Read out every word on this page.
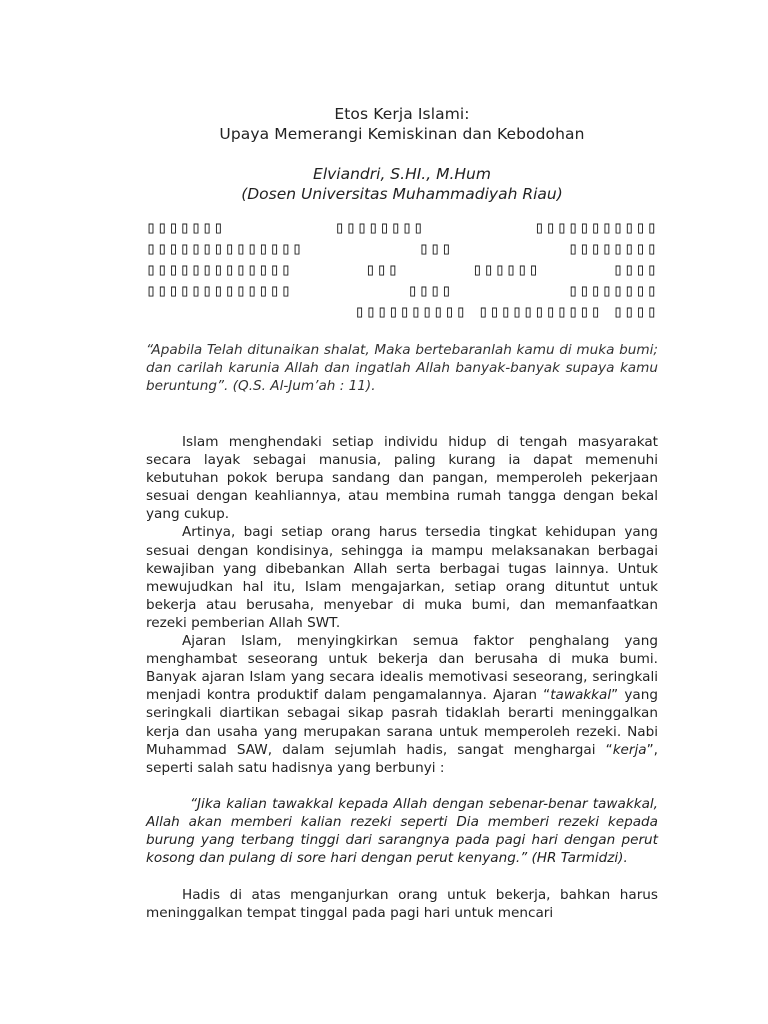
Etos Kerja Islami:
Upaya Memerangi Kemiskinan dan Kebodohan
Elviandri, S.HI., M.Hum
(Dosen Universitas Muhammadiyah Riau)
▯▯▯▯▯▯▯ ▯▯▯▯▯▯▯▯ ▯▯▯▯▯▯▯▯▯▯▯
▯▯▯▯▯▯▯▯▯▯▯▯▯▯ ▯▯▯ ▯▯▯▯▯▯▯▯
▯▯▯▯▯▯▯▯▯▯▯▯▯ ▯▯▯ ▯▯▯▯▯▯ ▯▯▯▯
▯▯▯▯▯▯▯▯▯▯▯▯▯ ▯▯▯▯ ▯▯▯▯▯▯▯▯
▯▯▯▯▯▯▯▯▯▯ ▯▯▯▯▯▯▯▯▯▯▯ ▯▯▯▯
“Apabila Telah ditunaikan shalat, Maka bertebaranlah kamu di muka bumi; dan carilah karunia Allah dan ingatlah Allah banyak-banyak supaya kamu beruntung”. (Q.S. Al-Jum’ah : 11).

Islam menghendaki setiap individu hidup di tengah masyarakat secara layak sebagai manusia, paling kurang ia dapat memenuhi kebutuhan pokok berupa sandang dan pangan, memperoleh pekerjaan sesuai dengan keahliannya, atau membina rumah tangga dengan bekal yang cukup.

Artinya, bagi setiap orang harus tersedia tingkat kehidupan yang sesuai dengan kondisinya, sehingga ia mampu melaksanakan berbagai kewajiban yang dibebankan Allah serta berbagai tugas lainnya. Untuk mewujudkan hal itu, Islam mengajarkan, setiap orang dituntut untuk bekerja atau berusaha, menyebar di muka bumi, dan memanfaatkan rezeki pemberian Allah SWT.

Ajaran Islam, menyingkirkan semua faktor penghalang yang menghambat seseorang untuk bekerja dan berusaha di muka bumi. Banyak ajaran Islam yang secara idealis memotivasi seseorang, seringkali menjadi kontra produktif dalam pengamalannya. Ajaran “tawakkal” yang seringkali diartikan sebagai sikap pasrah tidaklah berarti meninggalkan kerja dan usaha yang merupakan sarana untuk memperoleh rezeki. Nabi Muhammad SAW, dalam sejumlah hadis, sangat menghargai “kerja”, seperti salah satu hadisnya yang berbunyi :

“Jika kalian tawakkal kepada Allah dengan sebenar-benar tawakkal, Allah akan memberi kalian rezeki seperti Dia memberi rezeki kepada burung yang terbang tinggi dari sarangnya pada pagi hari dengan perut kosong dan pulang di sore hari dengan perut kenyang.” (HR Tarmidzi).
Hadis di atas menganjurkan orang untuk bekerja, bahkan harus meninggalkan tempat tinggal pada pagi hari untuk mencari
